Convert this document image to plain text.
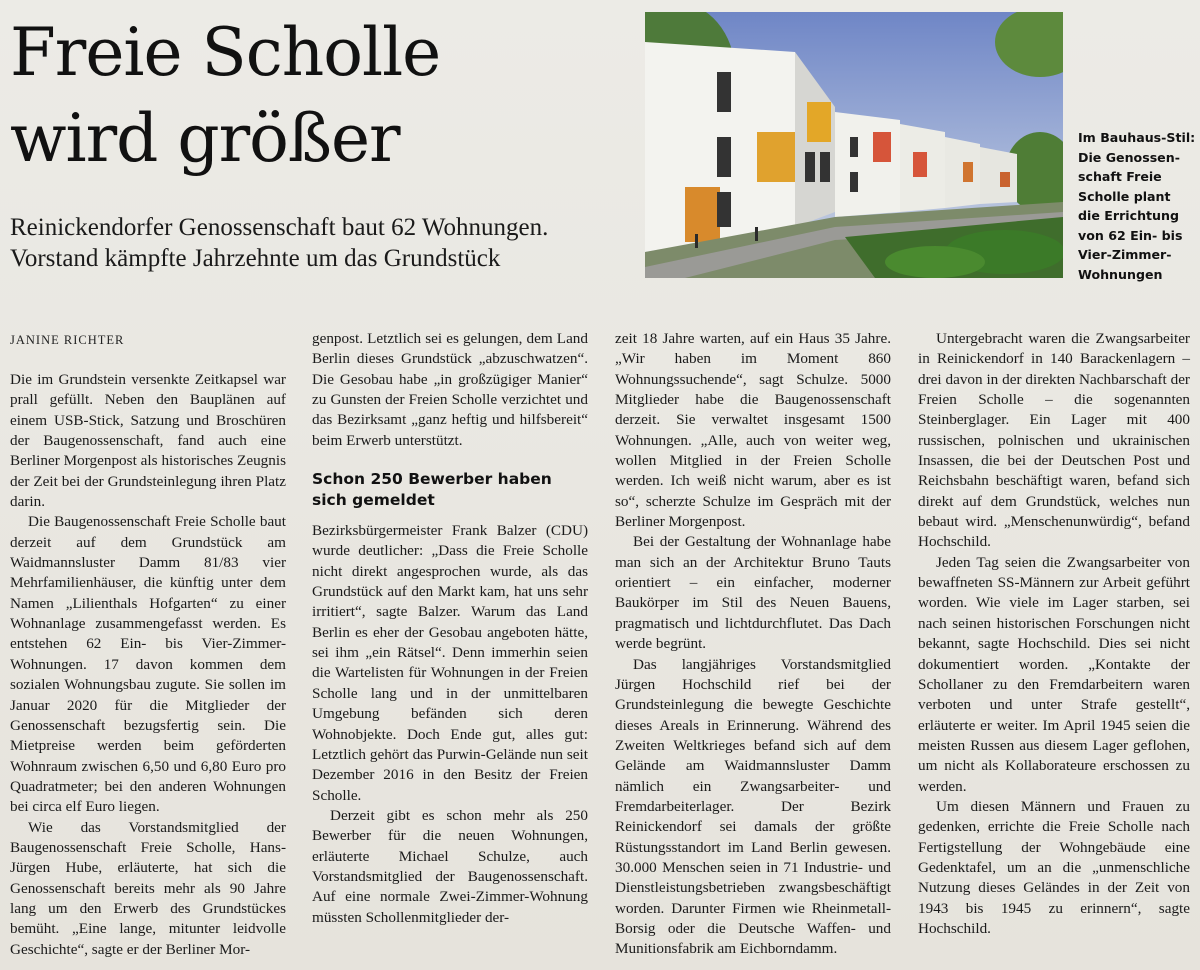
Freie Scholle
wird größer
Reinickendorfer Genossenschaft baut 62 Wohnungen.
Vorstand kämpfte Jahrzehnte um das Grundstück
Im Bauhaus-Stil:
Die Genossen-
schaft Freie
Scholle plant
die Errichtung
von 62 Ein- bis
Vier-Zimmer-
Wohnungen
JANINE RICHTER

Die im Grundstein versenkte Zeitkapsel war prall gefüllt. Neben den Bauplänen auf einem USB-Stick, Satzung und Broschüren der Baugenossenschaft, fand auch eine Berliner Morgenpost als historisches Zeugnis der Zeit bei der Grundsteinlegung ihren Platz darin.

Die Baugenossenschaft Freie Scholle baut derzeit auf dem Grundstück am Waidmannsluster Damm 81/83 vier Mehrfamilienhäuser, die künftig unter dem Namen „Lilienthals Hofgarten“ zu einer Wohnanlage zusammengefasst werden. Es entstehen 62 Ein- bis Vier-Zimmer-Wohnungen. 17 davon kommen dem sozialen Wohnungsbau zugute. Sie sollen im Januar 2020 für die Mitglieder der Genossenschaft bezugsfertig sein. Die Mietpreise werden beim geförderten Wohnraum zwischen 6,50 und 6,80 Euro pro Quadratmeter; bei den anderen Wohnungen bei circa elf Euro liegen.

Wie das Vorstandsmitglied der Baugenossenschaft Freie Scholle, Hans-Jürgen Hube, erläuterte, hat sich die Genossenschaft bereits mehr als 90 Jahre lang um den Erwerb des Grundstückes bemüht. „Eine lange, mitunter leidvolle Geschichte“, sagte er der Berliner Mor-

genpost. Letztlich sei es gelungen, dem Land Berlin dieses Grundstück „abzuschwatzen“. Die Gesobau habe „in großzügiger Manier“ zu Gunsten der Freien Scholle verzichtet und das Bezirksamt „ganz heftig und hilfsbereit“ beim Erwerb unterstützt.

Schon 250 Bewerber haben sich gemeldet

Bezirksbürgermeister Frank Balzer (CDU) wurde deutlicher: „Dass die Freie Scholle nicht direkt angesprochen wurde, als das Grundstück auf den Markt kam, hat uns sehr irritiert“, sagte Balzer. Warum das Land Berlin es eher der Gesobau angeboten hätte, sei ihm „ein Rätsel“. Denn immerhin seien die Wartelisten für Wohnungen in der Freien Scholle lang und in der unmittelbaren Umgebung befänden sich deren Wohnobjekte. Doch Ende gut, alles gut: Letztlich gehört das Purwin-Gelände nun seit Dezember 2016 in den Besitz der Freien Scholle.

Derzeit gibt es schon mehr als 250 Bewerber für die neuen Wohnungen, erläuterte Michael Schulze, auch Vorstandsmitglied der Baugenossenschaft. Auf eine normale Zwei-Zimmer-Wohnung müssten Schollenmitglieder der-

zeit 18 Jahre warten, auf ein Haus 35 Jahre. „Wir haben im Moment 860 Wohnungssuchende“, sagt Schulze. 5000 Mitglieder habe die Baugenossenschaft derzeit. Sie verwaltet insgesamt 1500 Wohnungen. „Alle, auch von weiter weg, wollen Mitglied in der Freien Scholle werden. Ich weiß nicht warum, aber es ist so“, scherzte Schulze im Gespräch mit der Berliner Morgenpost.

Bei der Gestaltung der Wohnanlage habe man sich an der Architektur Bruno Tauts orientiert – ein einfacher, moderner Baukörper im Stil des Neuen Bauens, pragmatisch und lichtdurchflutet. Das Dach werde begrünt.

Das langjähriges Vorstandsmitglied Jürgen Hochschild rief bei der Grundsteinlegung die bewegte Geschichte dieses Areals in Erinnerung. Während des Zweiten Weltkrieges befand sich auf dem Gelände am Waidmannsluster Damm nämlich ein Zwangsarbeiter- und Fremdarbeiterlager. Der Bezirk Reinickendorf sei damals der größte Rüstungsstandort im Land Berlin gewesen. 30.000 Menschen seien in 71 Industrie- und Dienstleistungsbetrieben zwangsbeschäftigt worden. Darunter Firmen wie Rheinmetall-Borsig oder die Deutsche Waffen- und Munitionsfabrik am Eichborndamm.

Untergebracht waren die Zwangsarbeiter in Reinickendorf in 140 Barackenlagern – drei davon in der direkten Nachbarschaft der Freien Scholle – die sogenannten Steinberglager. Ein Lager mit 400 russischen, polnischen und ukrainischen Insassen, die bei der Deutschen Post und Reichsbahn beschäftigt waren, befand sich direkt auf dem Grundstück, welches nun bebaut wird. „Menschenunwürdig“, befand Hochschild.

Jeden Tag seien die Zwangsarbeiter von bewaffneten SS-Männern zur Arbeit geführt worden. Wie viele im Lager starben, sei nach seinen historischen Forschungen nicht bekannt, sagte Hochschild. Dies sei nicht dokumentiert worden. „Kontakte der Schollaner zu den Fremdarbeitern waren verboten und unter Strafe gestellt“, erläuterte er weiter. Im April 1945 seien die meisten Russen aus diesem Lager geflohen, um nicht als Kollaborateure erschossen zu werden.

Um diesen Männern und Frauen zu gedenken, errichte die Freie Scholle nach Fertigstellung der Wohngebäude eine Gedenktafel, um an die „unmenschliche Nutzung dieses Geländes in der Zeit von 1943 bis 1945 zu erinnern“, sagte Hochschild.
